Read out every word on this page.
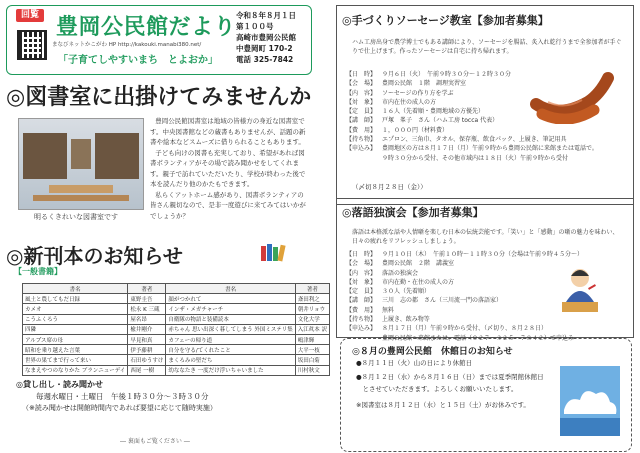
回覧 豊岡公民館だより
まなびネットかこがわ HP http://kakouki.manabi380.net/
「子育てしやすいまち　とよおか」
令和８年８月１日
第１００号
高崎市豊岡公民館
中豊岡町 170-2
電話 325-7842
◎図書室に出掛けてみませんか
明るくきれいな図書室です

豊岡公民館図書室は地域の皆様方の身近な図書室です。中央図書館などの蔵書もありませんが、話題の新書や絵本などスムーズに借りられることもあります。

子ども向けの図書も充実しており、希望があれば図書ボランティアがその場で読み聞かせをしてくれます。親子で訪れていただいたり、学校が終わった後で本を読んだり他のかたもできます。

私らくアットホーム感があり、図書ボランティアの皆さん親切なので、是非一度遊びに来てみてはいかがでしょうか？

◎新刊本のお知らせ
【一般書籍】
書名	著者	書名	著者
風土と農してもだ日録	東野圭吾	顔がつかれて	斎田利之
カメオ	松永 K 三蔵	インザ・メガチャーチ	朝井リョウ
こうふくろう	屋名昂	自衛隊の物語と装備読本	文化大学
四隣	楡井剛介	赤ちゃん 思い出深く暮してしまう 外国ミステリ集	入江眞本 訳
アルプス席の母	早見和真	カフェーの帰り道	嶋津輝
昭和を乗り越えた言葉	伊予藤耕	自分を守る/てくれたこと	大平一枝
世界の果てまで行って来い	石田ゆうすけ	まくろみの堅だち	坂田白菊
なまえやつのなりかた ブランニューデイ	西尾 一樹	幼ななたき 一度だけ浮いちゃいました	川村秋文
◎貸し出し・読み聞かせ
毎週水曜日・土曜日　午後１時３０分～３時３０分
（※読み聞かせは開館時間内であれば要望に応じて随時実施）
― 裏面もご覧ください ―
◎手づくりソーセージ教室【参加者募集】
ハム工房出身で農学博士でもある講師により、ソーセージを腸詰、炙入れ乾行うまで全参加者が手ぐりで仕上げます。作ったソーセージは自宅に持ち帰れます。
【日　時】 ９月６日（火）　午前９時３０分～１２時３０分
【会　場】 豊岡公民館　１階　調理実習室
【内　容】 ソーセージの作り方を学ぶ
【対　象】 市内在住の成人の方
【定　員】 １６人（先着順・豊岡地域の方優先）
【講　師】 戸塚　峯子　さん（ハム工房 tocca 代表）
【費　用】 １，０００円（材料費）
【持ち物】 エプロン、三角巾、タオル、保存瓶、飲食パック、上履き、筆記用具
【申込み】 豊岡地区の方は８月１７日（月）午前９時から豊岡公民館に来館または電話で。
９時３０分から受付、その他市域内は１８日（火）午前９時から受付
（〆切８月２８日（金））
◎落語独演会【参加者募集】
落語は本格派な話や人情噺を楽しむ日本の伝統芸能です。「笑い」と「感動」の噺の魅力を味わい、日々の疲れをリフレッシュしましょう。
【日　時】 ９月１０日（木）　午前１０時～１１時３０分（会場は午前９時４５分～）
【会　場】 豊岡公民館　２階　講義室
【内　容】 落語の独演会
【対　象】 市内在勤・在住の成人の方
【定　員】 ３０人（先着順）
【講　師】 三川　志の都　さん（三川流一門の落語家）
【費　用】 無料
【持ち物】 上履き、飲み物等
【申込み】 ８月１７日（月）午前９時から受付、（〆切り、８月２８日）
豊岡公民館へ来館または、電話（０２７－３２５－７８４２）で申込み
◎８月の豊岡公民館　休館日のお知らせ
●８月１１日（火）山の日により休館日
●８月１２日（水）から８月１６日（日）までは夏季閉館休館日
　とさせていただきます。よろしくお願いいたします。
※図書室は８月１２日（水）と１５日（土）がお休みです。
